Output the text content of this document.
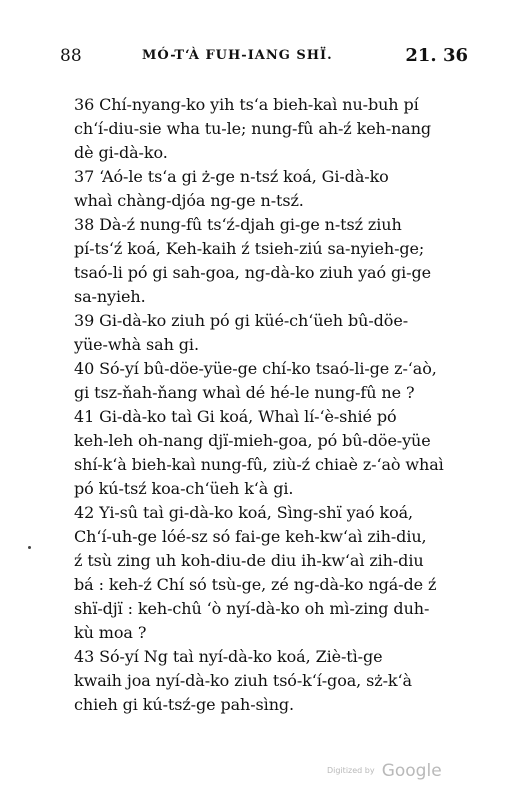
88	MÓ-T‘À FUH-IANG SHÏ.	21. 36

36 Chí-nyang-ko yih ts‘a bieh-kaì nu-buh pí
ch‘í-diu-sie wha tu-le; nung-fû ah-ź keh-nang
dè gi-dà-ko.

37 ‘Aó-le ts‘a gi ż-ge n-tsź koá, Gi-dà-ko
whaì chàng-djóa ng-ge n-tsź.

38 Dà-ź nung-fû ts‘ź-djah gi-ge n-tsź ziuh
pí-ts‘ź koá, Keh-kaih ź tsieh-ziú sa-nyieh-ge;
tsaó-li pó gi sah-goa, ng-dà-ko ziuh yaó gi-ge
sa-nyieh.

39 Gi-dà-ko ziuh pó gi küé-ch‘üeh bû-döe-
yüe-whà sah gi.

40 Só-yí bû-döe-yüe-ge chí-ko tsaó-li-ge z-‘aò,
gi tsz-ňah-ňang whaì dé hé-le nung-fû ne ?

41 Gi-dà-ko taì Gi koá, Whaì lí-‘è-shié pó
keh-leh oh-nang djï-mieh-goa, pó bû-döe-yüe
shí-k‘à bieh-kaì nung-fû, ziù-ź chiaè z-‘aò whaì
pó kú-tsź koa-ch‘üeh k‘à gi.

42 Yi-sû taì gi-dà-ko koá, Sìng-shï yaó koá,
Ch‘í-uh-ge lóé-sz só fai-ge keh-kw‘aì zih-diu,
ź tsù zing uh koh-diu-de diu ih-kw‘aì zih-diu
bá : keh-ź Chí só tsù-ge, zé ng-dà-ko ngá-de ź
shï-djï : keh-chû ‘ò nyí-dà-ko oh mì-zing duh-
kù moa ?

43 Só-yí Ng taì nyí-dà-ko koá, Ziè-tì-ge
kwaih joa nyí-dà-ko ziuh tsó-k‘í-goa, sż-k‘à
chieh gi kú-tsź-ge pah-sìng.

Digitized by Google
